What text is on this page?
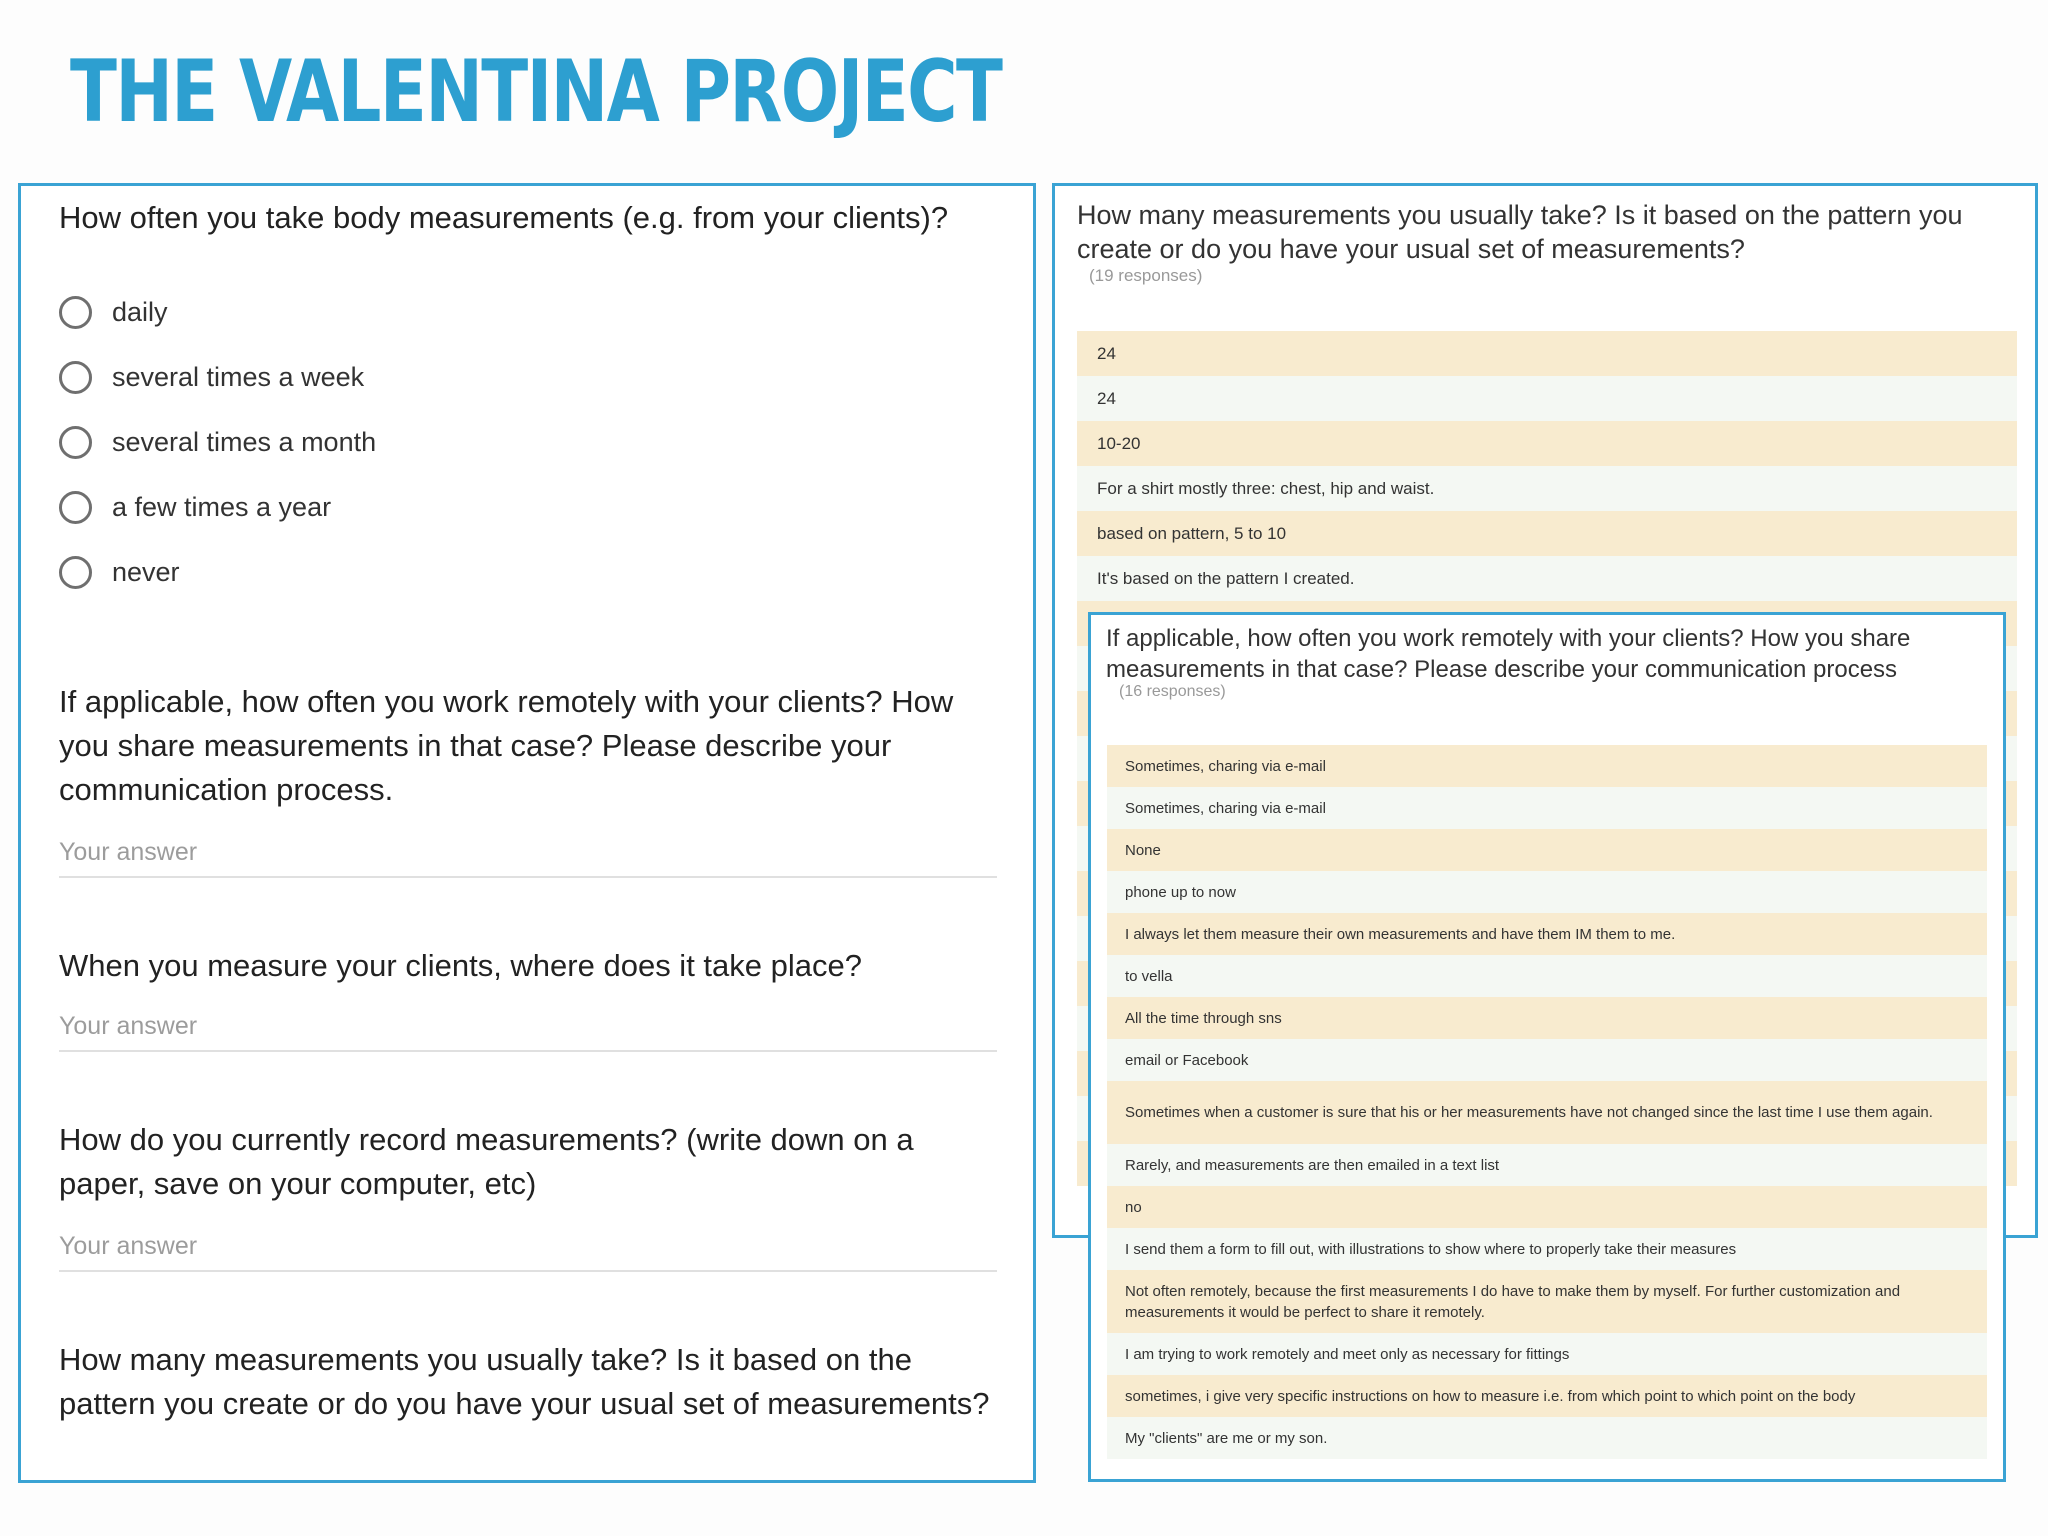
THE VALENTINA PROJECT
How often you take body measurements (e.g. from your clients)?
daily
several times a week
several times a month
a few times a year
never
If applicable, how often you work remotely with your clients? How you share measurements in that case? Please describe your communication process.
Your answer
When you measure your clients, where does it take place?
Your answer
How do you currently record measurements? (write down on a paper, save on your computer, etc)
Your answer
How many measurements you usually take? Is it based on the pattern you create or do you have your usual set of measurements?
How many measurements you usually take? Is it based on the pattern you create or do you have your usual set of measurements?
(19 responses)
24
24
10-20
For a shirt mostly three: chest, hip and waist.
based on pattern, 5 to 10
It's based on the pattern I created.
If applicable, how often you work remotely with your clients? How you share measurements in that case? Please describe your communication process
(16 responses)
Sometimes, charing via e-mail
Sometimes, charing via e-mail
None
phone up to now
I always let them measure their own measurements and have them IM them to me.
to vella
All the time through sns
email or Facebook
Sometimes when a customer is sure that his or her measurements have not changed since the last time I use them again.
Rarely, and measurements are then emailed in a text list
no
I send them a form to fill out, with illustrations to show where to properly take their measures
Not often remotely, because the first measurements I do have to make them by myself. For further customization and measurements it would be perfect to share it remotely.
I am trying to work remotely and meet only as necessary for fittings
sometimes, i give very specific instructions on how to measure i.e. from which point to which point on the body
My "clients" are me or my son.
